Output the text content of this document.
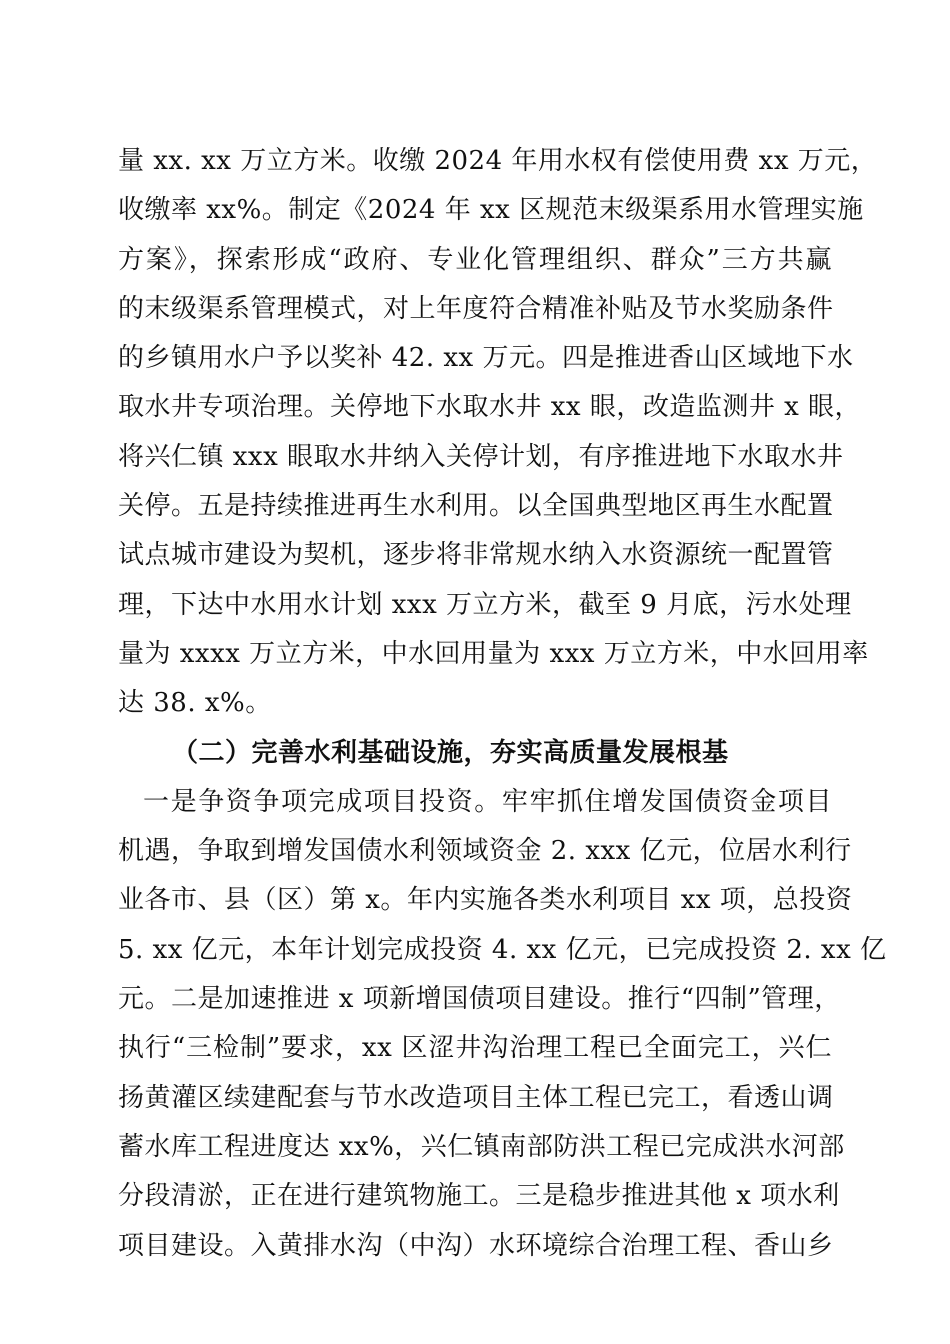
量 xx. xx 万立方米。收缴 2024 年用水权有偿使用费 xx 万元，
收缴率 xx%。制定《2024 年 xx 区规范末级渠系用水管理实施
方案》，探索形成“政府、专业化管理组织、群众”三方共赢
的末级渠系管理模式，对上年度符合精准补贴及节水奖励条件
的乡镇用水户予以奖补 42. xx 万元。四是推进香山区域地下水
取水井专项治理。关停地下水取水井 xx 眼，改造监测井 x 眼，
将兴仁镇 xxx 眼取水井纳入关停计划，有序推进地下水取水井
关停。五是持续推进再生水利用。以全国典型地区再生水配置
试点城市建设为契机，逐步将非常规水纳入水资源统一配置管
理，下达中水用水计划 xxx 万立方米，截至 9 月底，污水处理
量为 xxxx 万立方米，中水回用量为 xxx 万立方米，中水回用率
达 38. x%。
（二）完善水利基础设施，夯实高质量发展根基
一是争资争项完成项目投资。牢牢抓住增发国债资金项目
机遇，争取到增发国债水利领域资金 2. xxx 亿元，位居水利行
业各市、县（区）第 x。年内实施各类水利项目 xx 项，总投资
5. xx 亿元，本年计划完成投资 4. xx 亿元，已完成投资 2. xx 亿
元。二是加速推进 x 项新增国债项目建设。推行“四制”管理，
执行“三检制”要求，xx 区涩井沟治理工程已全面完工，兴仁
扬黄灌区续建配套与节水改造项目主体工程已完工，看透山调
蓄水库工程进度达 xx%，兴仁镇南部防洪工程已完成洪水河部
分段清淤，正在进行建筑物施工。三是稳步推进其他 x 项水利
项目建设。入黄排水沟（中沟）水环境综合治理工程、香山乡
